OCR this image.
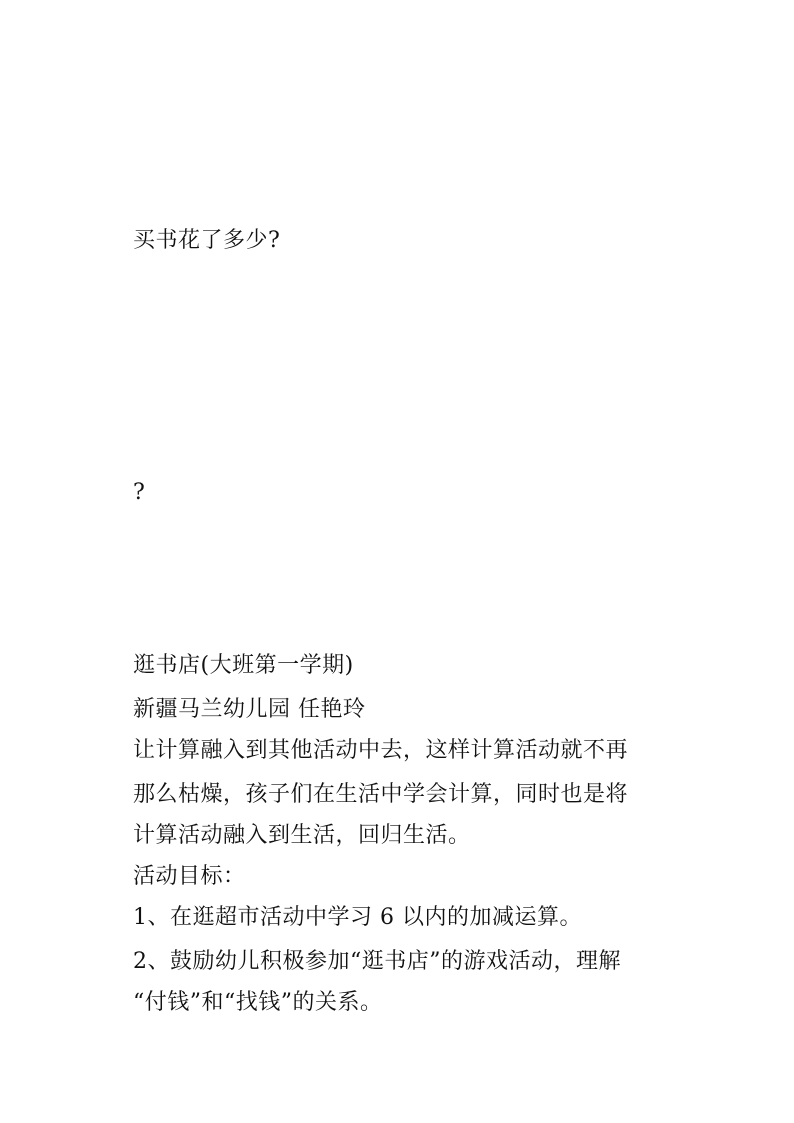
买书花了多少?
?
逛书店(大班第一学期)
新疆马兰幼儿园 任艳玲
让计算融入到其他活动中去，这样计算活动就不再
那么枯燥，孩子们在生活中学会计算，同时也是将
计算活动融入到生活，回归生活。
活动目标：
1、在逛超市活动中学习 6 以内的加减运算。
2、鼓励幼儿积极参加“逛书店”的游戏活动，理解
“付钱”和“找钱”的关系。
